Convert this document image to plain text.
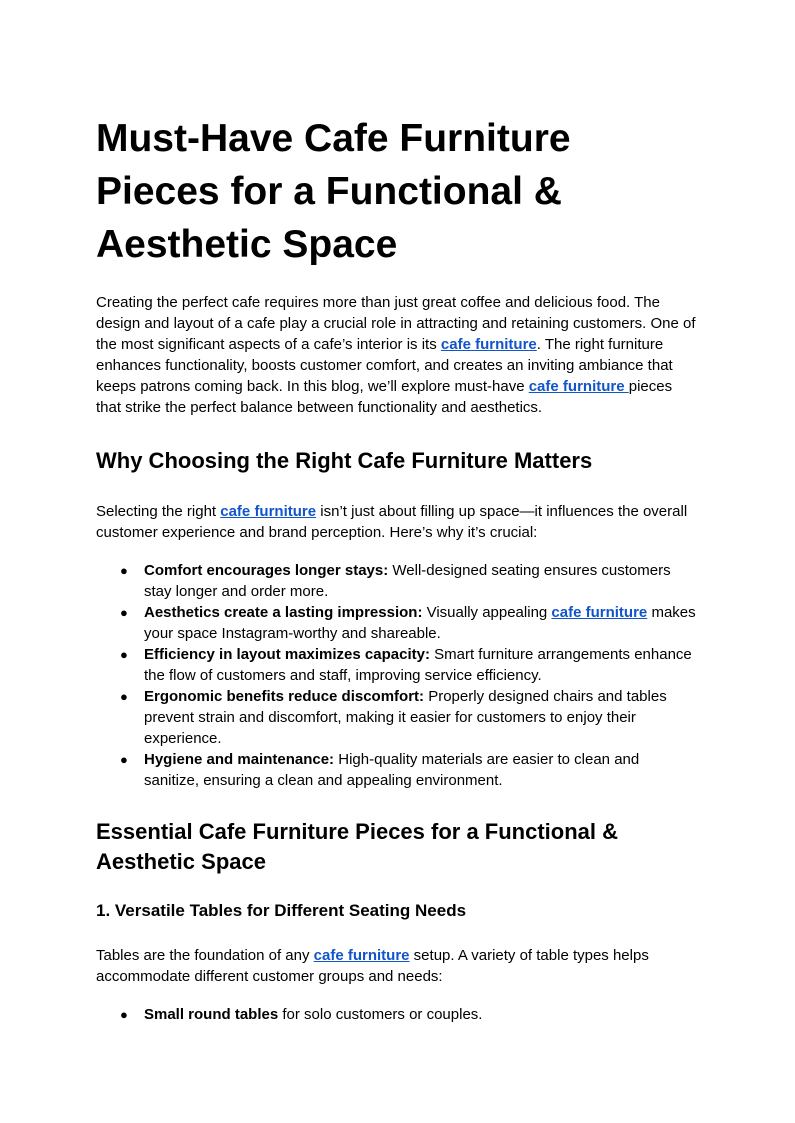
Must-Have Cafe Furniture Pieces for a Functional & Aesthetic Space

Creating the perfect cafe requires more than just great coffee and delicious food. The design and layout of a cafe play a crucial role in attracting and retaining customers. One of the most significant aspects of a cafe’s interior is its cafe furniture. The right furniture enhances functionality, boosts customer comfort, and creates an inviting ambiance that keeps patrons coming back. In this blog, we’ll explore must-have cafe furniture pieces that strike the perfect balance between functionality and aesthetics.

Why Choosing the Right Cafe Furniture Matters

Selecting the right cafe furniture isn’t just about filling up space—it influences the overall customer experience and brand perception. Here’s why it’s crucial:

● Comfort encourages longer stays: Well-designed seating ensures customers stay longer and order more.
● Aesthetics create a lasting impression: Visually appealing cafe furniture makes your space Instagram-worthy and shareable.
● Efficiency in layout maximizes capacity: Smart furniture arrangements enhance the flow of customers and staff, improving service efficiency.
● Ergonomic benefits reduce discomfort: Properly designed chairs and tables prevent strain and discomfort, making it easier for customers to enjoy their experience.
● Hygiene and maintenance: High-quality materials are easier to clean and sanitize, ensuring a clean and appealing environment.
Essential Cafe Furniture Pieces for a Functional & Aesthetic Space
1. Versatile Tables for Different Seating Needs

Tables are the foundation of any cafe furniture setup. A variety of table types helps accommodate different customer groups and needs:

● Small round tables for solo customers or couples.
